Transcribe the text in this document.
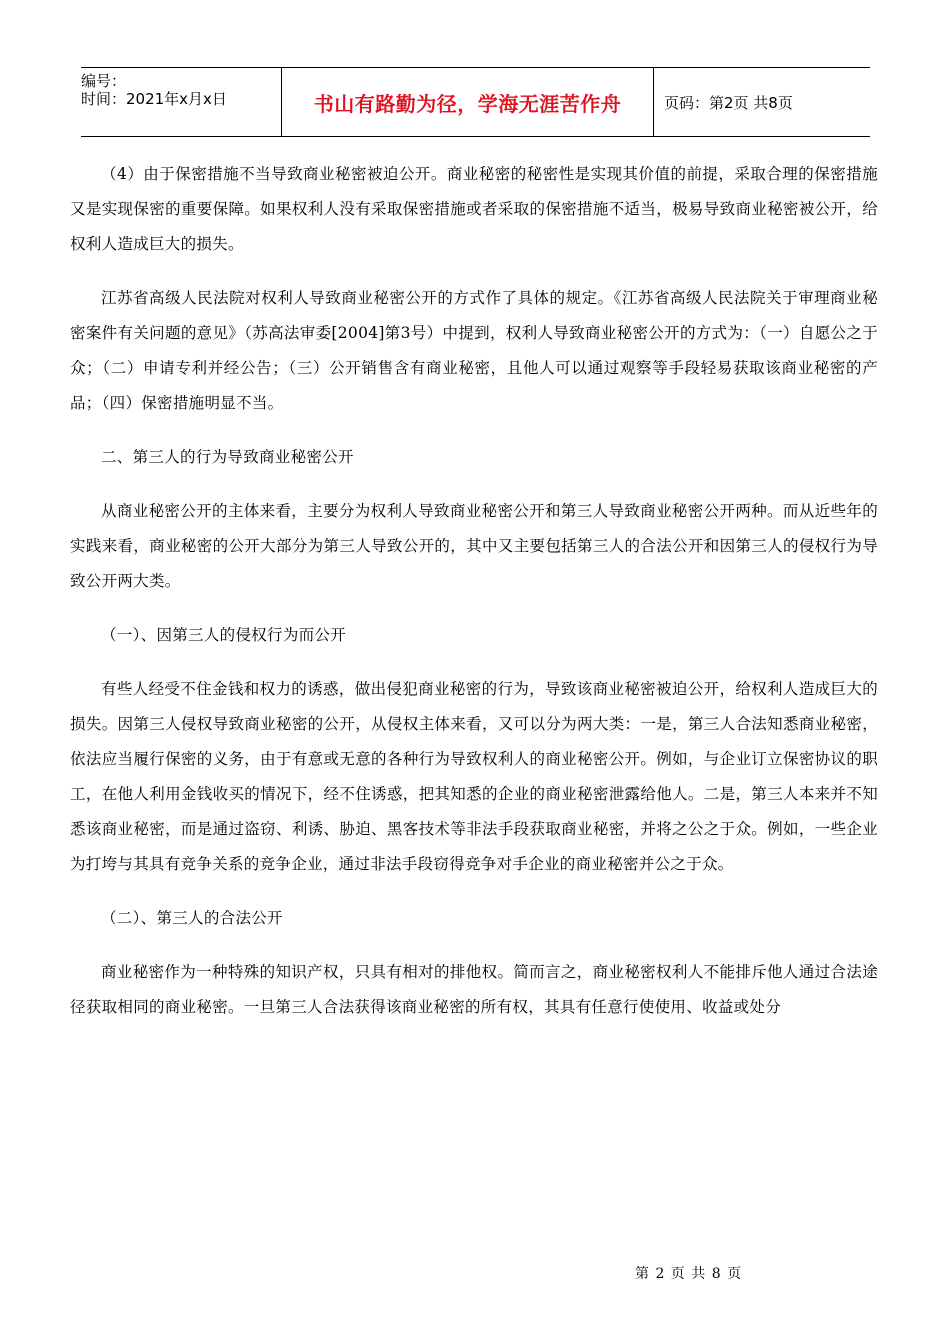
编号：
时间：2021年x月x日	书山有路勤为径，学海无涯苦作舟	页码：第2页 共8页

（4）由于保密措施不当导致商业秘密被迫公开。商业秘密的秘密性是实现其价值的前提，采取合理的保密措施又是实现保密的重要保障。如果权利人没有采取保密措施或者采取的保密措施不适当，极易导致商业秘密被公开，给权利人造成巨大的损失。

江苏省高级人民法院对权利人导致商业秘密公开的方式作了具体的规定。《江苏省高级人民法院关于审理商业秘密案件有关问题的意见》（苏高法审委[2004]第3号）中提到，权利人导致商业秘密公开的方式为：（一）自愿公之于众；（二）申请专利并经公告；（三）公开销售含有商业秘密，且他人可以通过观察等手段轻易获取该商业秘密的产品；（四）保密措施明显不当。

二、第三人的行为导致商业秘密公开

从商业秘密公开的主体来看，主要分为权利人导致商业秘密公开和第三人导致商业秘密公开两种。而从近些年的实践来看，商业秘密的公开大部分为第三人导致公开的，其中又主要包括第三人的合法公开和因第三人的侵权行为导致公开两大类。

（一）、因第三人的侵权行为而公开

有些人经受不住金钱和权力的诱惑，做出侵犯商业秘密的行为，导致该商业秘密被迫公开，给权利人造成巨大的损失。因第三人侵权导致商业秘密的公开，从侵权主体来看，又可以分为两大类：一是，第三人合法知悉商业秘密，依法应当履行保密的义务，由于有意或无意的各种行为导致权利人的商业秘密公开。例如，与企业订立保密协议的职工，在他人利用金钱收买的情况下，经不住诱惑，把其知悉的企业的商业秘密泄露给他人。二是，第三人本来并不知悉该商业秘密，而是通过盗窃、利诱、胁迫、黑客技术等非法手段获取商业秘密，并将之公之于众。例如，一些企业为打垮与其具有竞争关系的竞争企业，通过非法手段窃得竞争对手企业的商业秘密并公之于众。

（二）、第三人的合法公开

商业秘密作为一种特殊的知识产权，只具有相对的排他权。简而言之，商业秘密权利人不能排斥他人通过合法途径获取相同的商业秘密。一旦第三人合法获得该商业秘密的所有权，其具有任意行使使用、收益或处分

第 2 页 共 8 页
